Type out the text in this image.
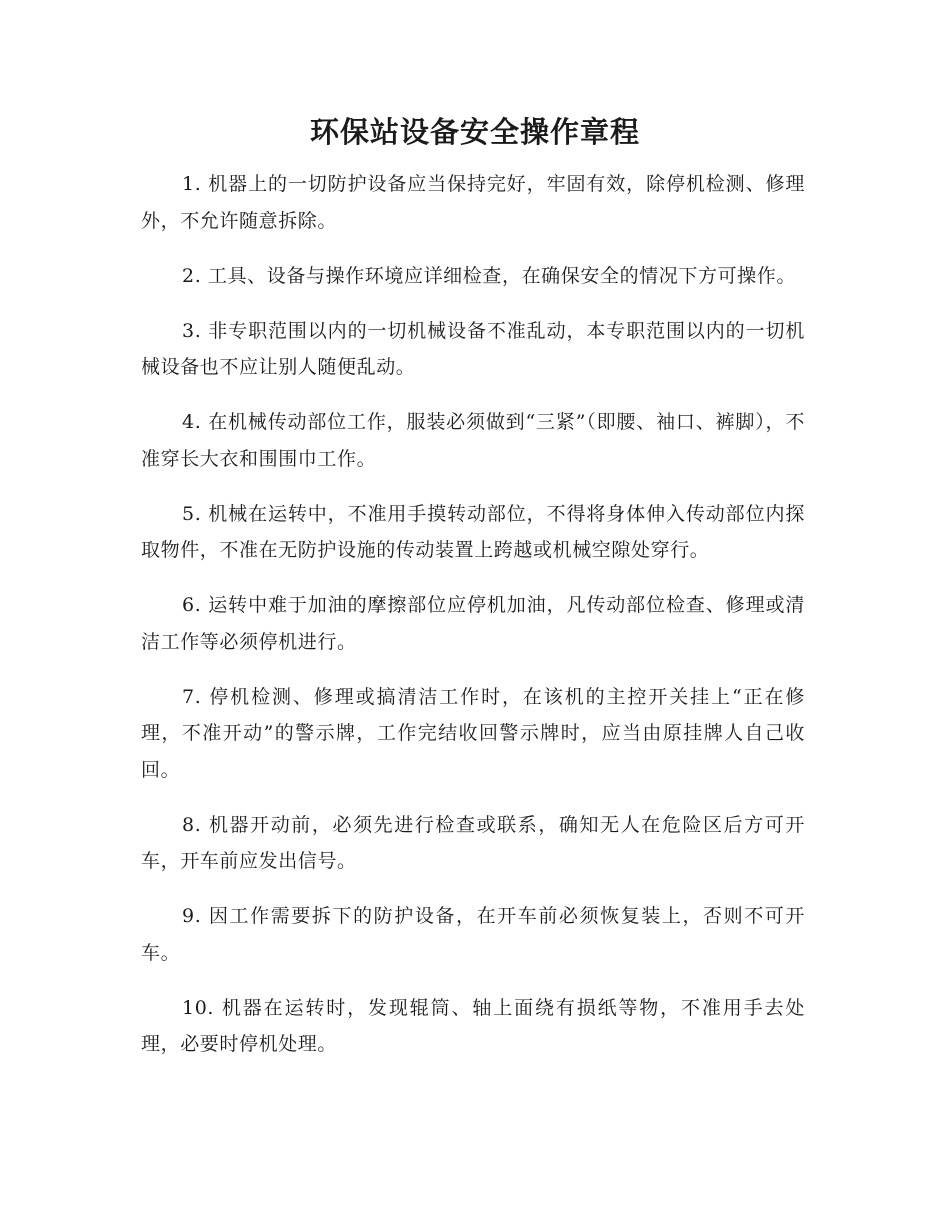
环保站设备安全操作章程

1. 机器上的一切防护设备应当保持完好，牢固有效，除停机检测、修理外，不允许随意拆除。

2. 工具、设备与操作环境应详细检查，在确保安全的情况下方可操作。

3. 非专职范围以内的一切机械设备不准乱动，本专职范围以内的一切机械设备也不应让别人随便乱动。

4. 在机械传动部位工作，服装必须做到“三紧”（即腰、袖口、裤脚），不准穿长大衣和围围巾工作。

5. 机械在运转中，不准用手摸转动部位，不得将身体伸入传动部位内探取物件，不准在无防护设施的传动装置上跨越或机械空隙处穿行。

6. 运转中难于加油的摩擦部位应停机加油，凡传动部位检查、修理或清洁工作等必须停机进行。

7. 停机检测、修理或搞清洁工作时，在该机的主控开关挂上“正在修理，不准开动”的警示牌，工作完结收回警示牌时，应当由原挂牌人自己收回。

8. 机器开动前，必须先进行检查或联系，确知无人在危险区后方可开车，开车前应发出信号。

9. 因工作需要拆下的防护设备，在开车前必须恢复装上，否则不可开车。

10. 机器在运转时，发现辊筒、轴上面绕有损纸等物，不准用手去处理，必要时停机处理。
